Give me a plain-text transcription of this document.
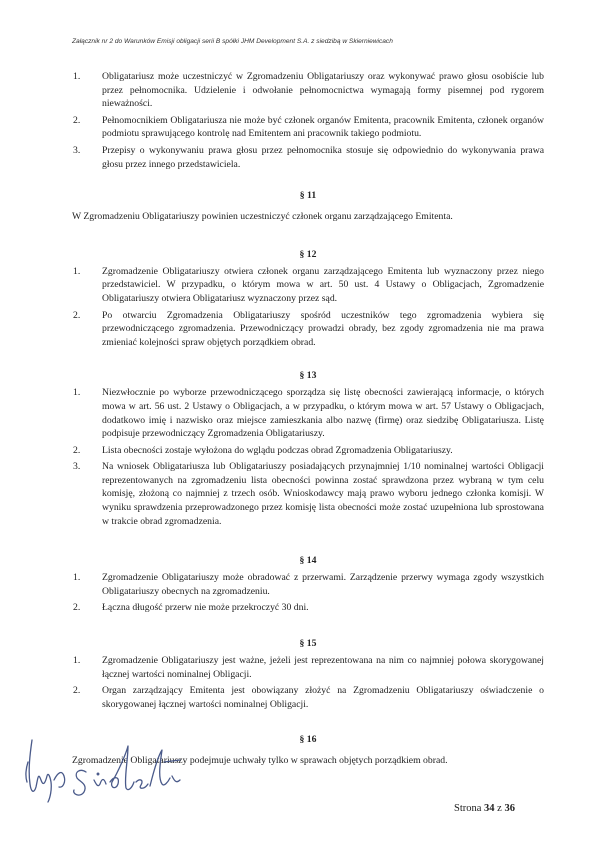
Załącznik nr 2 do Warunków Emisji obligacji serii B spółki JHM Development S.A. z siedzibą w Skierniewicach
1. Obligatariusz może uczestniczyć w Zgromadzeniu Obligatariuszy oraz wykonywać prawo głosu osobiście lub przez pełnomocnika. Udzielenie i odwołanie pełnomocnictwa wymagają formy pisemnej pod rygorem nieważności.
2. Pełnomocnikiem Obligatariusza nie może być członek organów Emitenta, pracownik Emitenta, członek organów podmiotu sprawującego kontrolę nad Emitentem ani pracownik takiego podmiotu.
3. Przepisy o wykonywaniu prawa głosu przez pełnomocnika stosuje się odpowiednio do wykonywania prawa głosu przez innego przedstawiciela.
§ 11
W Zgromadzeniu Obligatariuszy powinien uczestniczyć członek organu zarządzającego Emitenta.
§ 12
1. Zgromadzenie Obligatariuszy otwiera członek organu zarządzającego Emitenta lub wyznaczony przez niego przedstawiciel. W przypadku, o którym mowa w art. 50 ust. 4 Ustawy o Obligacjach, Zgromadzenie Obligatariuszy otwiera Obligatariusz wyznaczony przez sąd.
2. Po otwarciu Zgromadzenia Obligatariuszy spośród uczestników tego zgromadzenia wybiera się przewodniczącego zgromadzenia. Przewodniczący prowadzi obrady, bez zgody zgromadzenia nie ma prawa zmieniać kolejności spraw objętych porządkiem obrad.
§ 13
1. Niezwłocznie po wyborze przewodniczącego sporządza się listę obecności zawierającą informacje, o których mowa w art. 56 ust. 2 Ustawy o Obligacjach, a w przypadku, o którym mowa w art. 57 Ustawy o Obligacjach, dodatkowo imię i nazwisko oraz miejsce zamieszkania albo nazwę (firmę) oraz siedzibę Obligatariusza. Listę podpisuje przewodniczący Zgromadzenia Obligatariuszy.
2. Lista obecności zostaje wyłożona do wglądu podczas obrad Zgromadzenia Obligatariuszy.
3. Na wniosek Obligatariusza lub Obligatariuszy posiadających przynajmniej 1/10 nominalnej wartości Obligacji reprezentowanych na zgromadzeniu lista obecności powinna zostać sprawdzona przez wybraną w tym celu komisję, złożoną co najmniej z trzech osób. Wnioskodawcy mają prawo wyboru jednego członka komisji. W wyniku sprawdzenia przeprowadzonego przez komisję lista obecności może zostać uzupełniona lub sprostowana w trakcie obrad zgromadzenia.
§ 14
1. Zgromadzenie Obligatariuszy może obradować z przerwami. Zarządzenie przerwy wymaga zgody wszystkich Obligatariuszy obecnych na zgromadzeniu.
2. Łączna długość przerw nie może przekroczyć 30 dni.
§ 15
1. Zgromadzenie Obligatariuszy jest ważne, jeżeli jest reprezentowana na nim co najmniej połowa skorygowanej łącznej wartości nominalnej Obligacji.
2. Organ zarządzający Emitenta jest obowiązany złożyć na Zgromadzeniu Obligatariuszy oświadczenie o skorygowanej łącznej wartości nominalnej Obligacji.
§ 16
Zgromadzenie Obligatariuszy podejmuje uchwały tylko w sprawach objętych porządkiem obrad.
Strona 34 z 36
